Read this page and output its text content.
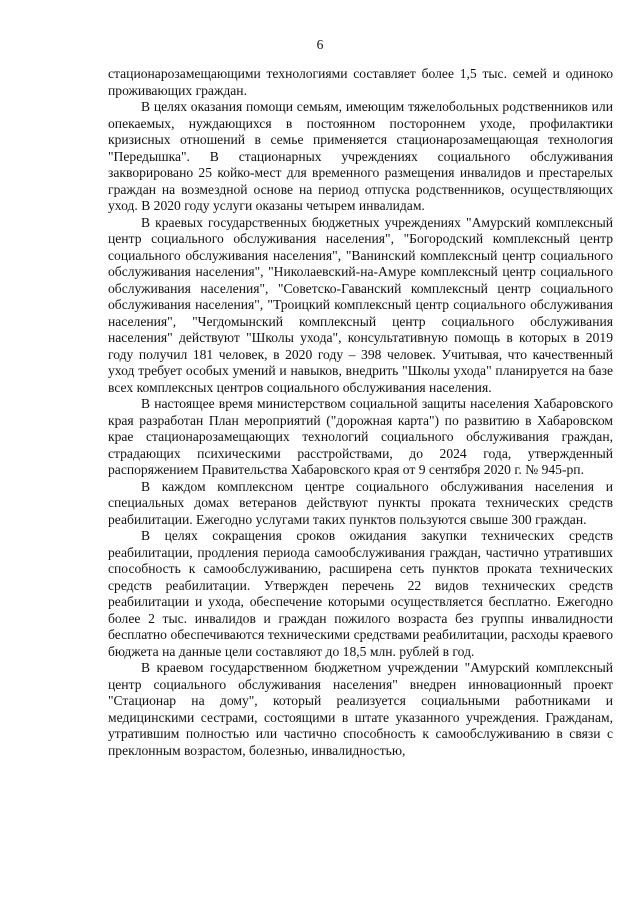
6

стационарозамещающими технологиями составляет более 1,5 тыс. семей и одиноко проживающих граждан.

В целях оказания помощи семьям, имеющим тяжелобольных родственников или опекаемых, нуждающихся в постоянном постороннем уходе, профилактики кризисных отношений в семье применяется стационарозамещающая технология "Передышка". В стационарных учреждениях социального обслуживания закворировано 25 койко-мест для временного размещения инвалидов и престарелых граждан на возмездной основе на период отпуска родственников, осуществляющих уход. В 2020 году услуги оказаны четырем инвалидам.

В краевых государственных бюджетных учреждениях "Амурский комплексный центр социального обслуживания населения", "Богородский комплексный центр социального обслуживания населения", "Ванинский комплексный центр социального обслуживания населения", "Николаевский-на-Амуре комплексный центр социального обслуживания населения", "Советско-Гаванский комплексный центр социального обслуживания населения", "Троицкий комплексный центр социального обслуживания населения", "Чегдомынский комплексный центр социального обслуживания населения" действуют "Школы ухода", консультативную помощь в которых в 2019 году получил 181 человек, в 2020 году – 398 человек. Учитывая, что качественный уход требует особых умений и навыков, внедрить "Школы ухода" планируется на базе всех комплексных центров социального обслуживания населения.

В настоящее время министерством социальной защиты населения Хабаровского края разработан План мероприятий ("дорожная карта") по развитию в Хабаровском крае стационарозамещающих технологий социального обслуживания граждан, страдающих психическими расстройствами, до 2024 года, утвержденный распоряжением Правительства Хабаровского края от 9 сентября 2020 г. № 945-рп.

В каждом комплексном центре социального обслуживания населения и специальных домах ветеранов действуют пункты проката технических средств реабилитации. Ежегодно услугами таких пунктов пользуются свыше 300 граждан.

В целях сокращения сроков ожидания закупки технических средств реабилитации, продления периода самообслуживания граждан, частично утративших способность к самообслуживанию, расширена сеть пунктов проката технических средств реабилитации. Утвержден перечень 22 видов технических средств реабилитации и ухода, обеспечение которыми осуществляется бесплатно. Ежегодно более 2 тыс. инвалидов и граждан пожилого возраста без группы инвалидности бесплатно обеспечиваются техническими средствами реабилитации, расходы краевого бюджета на данные цели составляют до 18,5 млн. рублей в год.

В краевом государственном бюджетном учреждении "Амурский комплексный центр социального обслуживания населения" внедрен инновационный проект "Стационар на дому", который реализуется социальными работниками и медицинскими сестрами, состоящими в штате указанного учреждения. Гражданам, утратившим полностью или частично способность к самообслуживанию в связи с преклонным возрастом, болезнью, инвалидностью,
